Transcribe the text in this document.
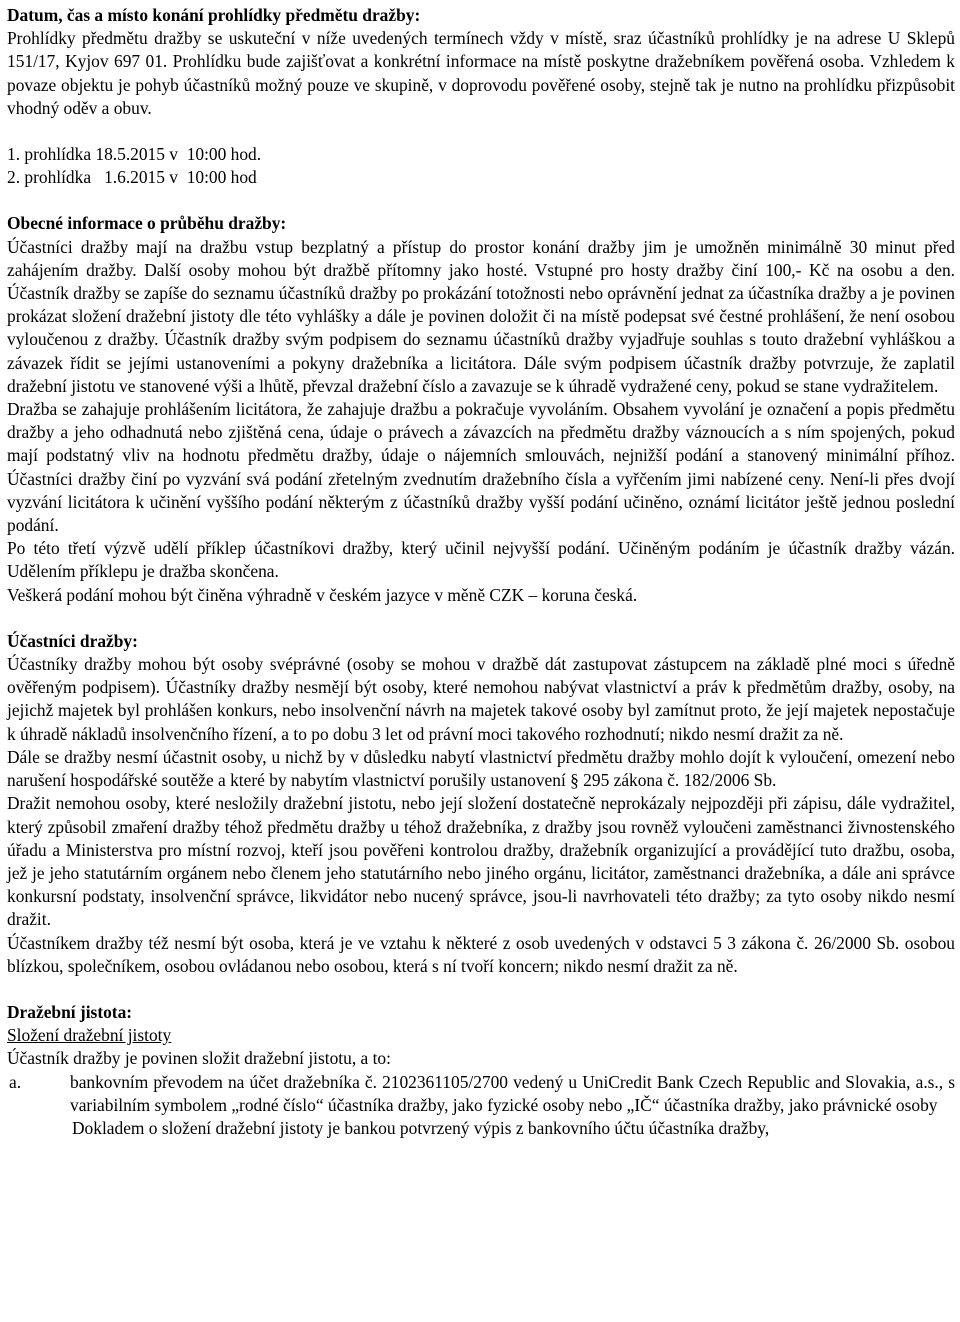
Datum, čas a místo konání prohlídky předmětu dražby:

Prohlídky předmětu dražby se uskuteční v níže uvedených termínech vždy v místě, sraz účastníků prohlídky je na adrese U Sklepů 151/17, Kyjov 697 01. Prohlídku bude zajišťovat a konkrétní informace na místě poskytne dražebníkem pověřená osoba. Vzhledem k povaze objektu je pohyb účastníků možný pouze ve skupině, v doprovodu pověřené osoby, stejně tak je nutno na prohlídku přizpůsobit vhodný oděv a obuv.

1. prohlídka 18.5.2015 v  10:00 hod.

2. prohlídka   1.6.2015 v  10:00 hod

Obecné informace o průběhu dražby:

Účastníci dražby mají na dražbu vstup bezplatný a přístup do prostor konání dražby jim je umožněn minimálně 30 minut před zahájením dražby. Další osoby mohou být dražbě přítomny jako hosté. Vstupné pro hosty dražby činí 100,- Kč na osobu a den. Účastník dražby se zapíše do seznamu účastníků dražby po prokázání totožnosti nebo oprávnění jednat za účastníka dražby a je povinen prokázat složení dražební jistoty dle této vyhlášky a dále je povinen doložit či na místě podepsat své čestné prohlášení, že není osobou vyloučenou z dražby. Účastník dražby svým podpisem do seznamu účastníků dražby vyjadřuje souhlas s touto dražební vyhláškou a závazek řídit se jejími ustanoveními a pokyny dražebníka a licitátora. Dále svým podpisem účastník dražby potvrzuje, že zaplatil dražební jistotu ve stanovené výši a lhůtě, převzal dražební číslo a zavazuje se k úhradě vydražené ceny, pokud se stane vydražitelem.

Dražba se zahajuje prohlášením licitátora, že zahajuje dražbu a pokračuje vyvoláním. Obsahem vyvolání je označení a popis předmětu dražby a jeho odhadnutá nebo zjištěná cena, údaje o právech a závazcích na předmětu dražby váznoucích a s ním spojených, pokud mají podstatný vliv na hodnotu předmětu dražby, údaje o nájemních smlouvách, nejnižší podání a stanovený minimální příhoz. Účastníci dražby činí po vyzvání svá podání zřetelným zvednutím dražebního čísla a vyřčením jimi nabízené ceny. Není-li přes dvojí vyzvání licitátora k učinění vyššího podání některým z účastníků dražby vyšší podání učiněno, oznámí licitátor ještě jednou poslední podání.

Po této třetí výzvě udělí příklep účastníkovi dražby, který učinil nejvyšší podání. Učiněným podáním je účastník dražby vázán. Udělením příklepu je dražba skončena.

Veškerá podání mohou být činěna výhradně v českém jazyce v měně CZK – koruna česká.

Účastníci dražby:

Účastníky dražby mohou být osoby svéprávné (osoby se mohou v dražbě dát zastupovat zástupcem na základě plné moci s úředně ověřeným podpisem). Účastníky dražby nesmějí být osoby, které nemohou nabývat vlastnictví a práv k předmětům dražby, osoby, na jejichž majetek byl prohlášen konkurs, nebo insolvenční návrh na majetek takové osoby byl zamítnut proto, že její majetek nepostačuje k úhradě nákladů insolvenčního řízení, a to po dobu 3 let od právní moci takového rozhodnutí; nikdo nesmí dražit za ně.

Dále se dražby nesmí účastnit osoby, u nichž by v důsledku nabytí vlastnictví předmětu dražby mohlo dojít k vyloučení, omezení nebo narušení hospodářské soutěže a které by nabytím vlastnictví porušily ustanovení § 295 zákona č. 182/2006 Sb.

Dražit nemohou osoby, které nesložily dražební jistotu, nebo její složení dostatečně neprokázaly nejpozději při zápisu, dále vydražitel, který způsobil zmaření dražby téhož předmětu dražby u téhož dražebníka, z dražby jsou rovněž vyloučeni zaměstnanci živnostenského úřadu a Ministerstva pro místní rozvoj, kteří jsou pověřeni kontrolou dražby, dražebník organizující a provádějící tuto dražbu, osoba, jež je jeho statutárním orgánem nebo členem jeho statutárního nebo jiného orgánu, licitátor, zaměstnanci dražebníka, a dále ani správce konkursní podstaty, insolvenční správce, likvidátor nebo nucený správce, jsou-li navrhovateli této dražby; za tyto osoby nikdo nesmí dražit.

Účastníkem dražby též nesmí být osoba, která je ve vztahu k některé z osob uvedených v odstavci 5 3 zákona č. 26/2000 Sb. osobou blízkou, společníkem, osobou ovládanou nebo osobou, která s ní tvoří koncern; nikdo nesmí dražit za ně.

Dražební jistota:

Složení dražební jistoty

Účastník dražby je povinen složit dražební jistotu, a to:

a.	bankovním převodem na účet dražebníka č. 2102361105/2700 vedený u UniCredit Bank Czech Republic and Slovakia, a.s., s variabilním symbolem „rodné číslo“ účastníka dražby, jako fyzické osoby nebo „IČ“ účastníka dražby, jako právnické osoby

Dokladem o složení dražební jistoty je bankou potvrzený výpis z bankovního účtu účastníka dražby,
